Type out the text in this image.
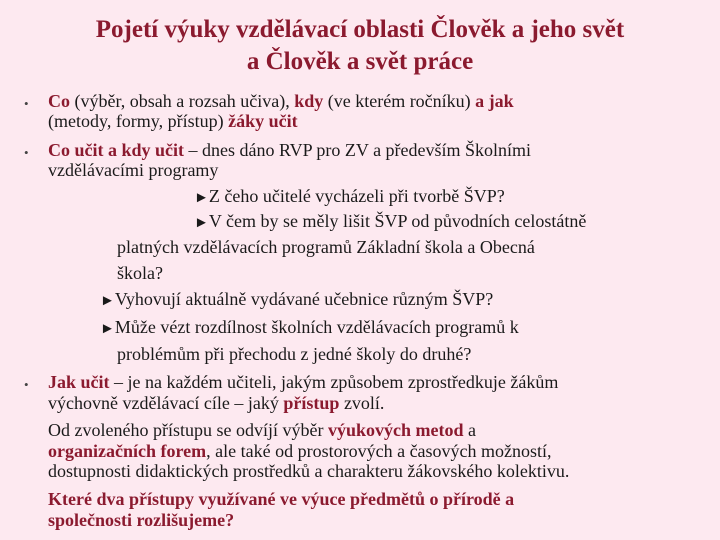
Pojetí výuky vzdělávací oblasti Člověk a jeho svět
a Člověk a svět práce
• Co (výběr, obsah a rozsah učiva), kdy (ve kterém ročníku) a jak
(metody, formy, přístup) žáky učit
• Co učit a kdy učit – dnes dáno RVP pro ZV a především Školními
vzdělávacími programy
►Z čeho učitelé vycházeli při tvorbě ŠVP?
►V čem by se měly lišit ŠVP od původních celostátně
platných vzdělávacích programů Základní škola a Obecná
škola?
►Vyhovují aktuálně vydávané učebnice různým ŠVP?
►Může vézt rozdílnost školních vzdělávacích programů k
problémům při přechodu z jedné školy do druhé?
• Jak učit – je na každém učiteli, jakým způsobem zprostředkuje žákům
výchovně vzdělávací cíle – jaký přístup zvolí.
Od zvoleného přístupu se odvíjí výběr výukových metod a
organizačních forem, ale také od prostorových a časových možností,
dostupnosti didaktických prostředků a charakteru žákovského kolektivu.
Které dva přístupy využívané ve výuce předmětů o přírodě a
společnosti rozlišujeme?
